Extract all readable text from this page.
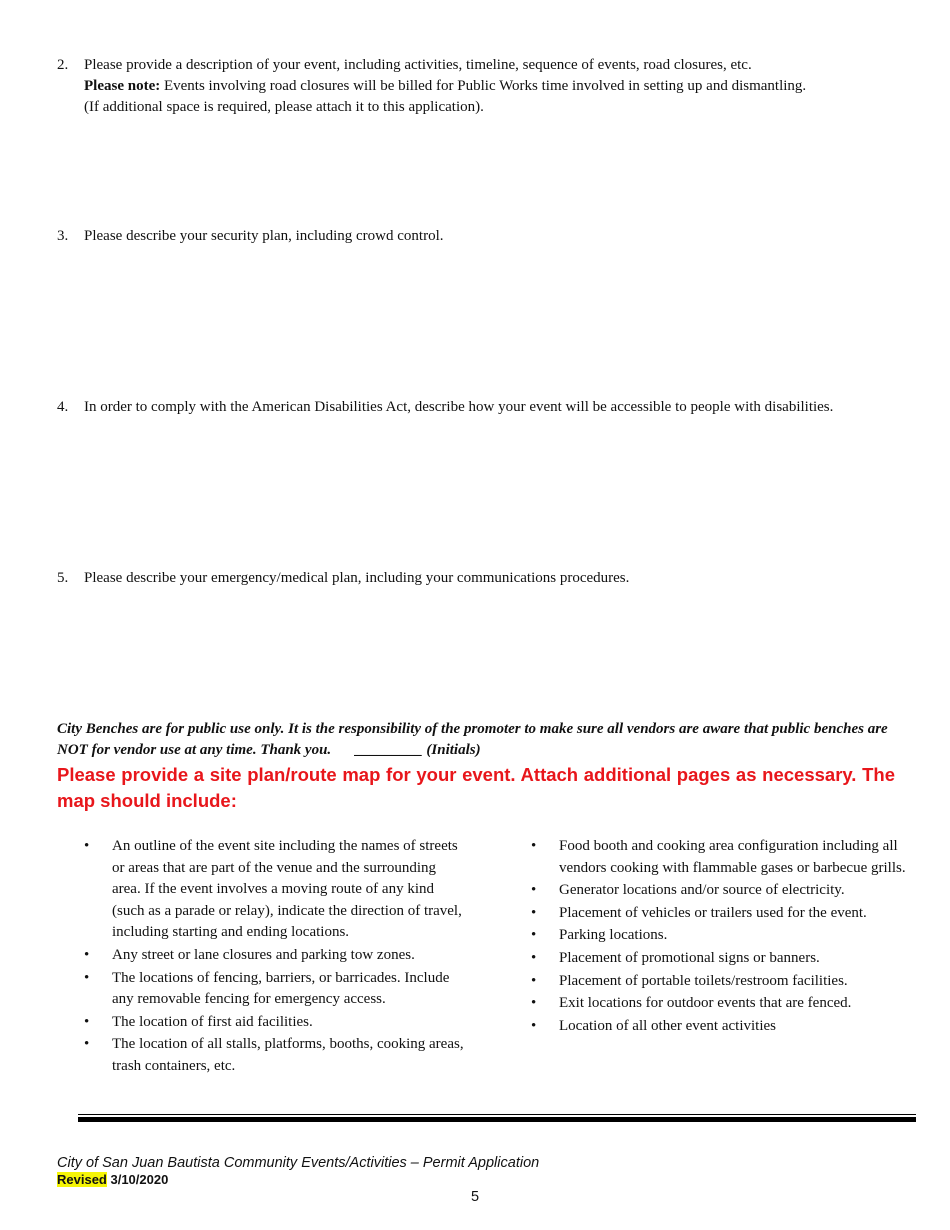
2.	Please provide a description of your event, including activities, timeline, sequence of events, road closures, etc.
Please note: Events involving road closures will be billed for Public Works time involved in setting up and dismantling.
(If additional space is required, please attach it to this application).
3.	Please describe your security plan, including crowd control.
4.	In order to comply with the American Disabilities Act, describe how your event will be accessible to people with disabilities.
5.	Please describe your emergency/medical plan, including your communications procedures.
City Benches are for public use only. It is the responsibility of the promoter to make sure all vendors are aware that public benches are NOT for vendor use at any time. Thank you. _________ (Initials)
Please provide a site plan/route map for your event. Attach additional pages as necessary. The map should include:
•	An outline of the event site including the names of streets or areas that are part of the venue and the surrounding area. If the event involves a moving route of any kind (such as a parade or relay), indicate the direction of travel, including starting and ending locations.
•	Any street or lane closures and parking tow zones.
•	The locations of fencing, barriers, or barricades. Include any removable fencing for emergency access.
•	The location of first aid facilities.
•	The location of all stalls, platforms, booths, cooking areas, trash containers, etc.
•	Food booth and cooking area configuration including all vendors cooking with flammable gases or barbecue grills.
•	Generator locations and/or source of electricity.
•	Placement of vehicles or trailers used for the event.
•	Parking locations.
•	Placement of promotional signs or banners.
•	Placement of portable toilets/restroom facilities.
•	Exit locations for outdoor events that are fenced.
•	Location of all other event activities
City of San Juan Bautista Community Events/Activities – Permit Application
Revised 3/10/2020
5
